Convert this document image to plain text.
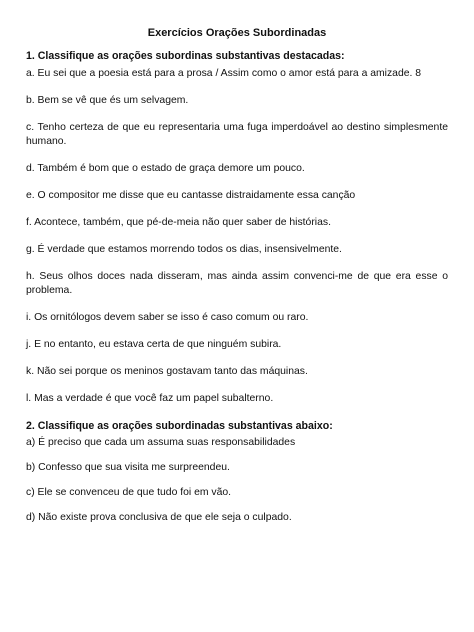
Exercícios Orações Subordinadas

1. Classifique as orações subordinas substantivas destacadas:

a. Eu sei que a poesia está para a prosa / Assim como o amor está para a amizade. 8

b. Bem se vê que és um selvagem.

c. Tenho certeza de que eu representaria uma fuga imperdoável ao destino simplesmente humano.

d. Também é bom que o estado de graça demore um pouco.

e. O compositor me disse que eu cantasse distraidamente essa canção

f. Acontece, também, que pé-de-meia não quer saber de histórias.

g. É verdade que estamos morrendo todos os dias, insensivelmente.

h. Seus olhos doces nada disseram, mas ainda assim convenci-me de que era esse o problema.

i. Os ornitólogos devem saber se isso é caso comum ou raro.

j. E no entanto, eu estava certa de que ninguém subira.

k. Não sei porque os meninos gostavam tanto das máquinas.

l. Mas a verdade é que você faz um papel subalterno.

2. Classifique as orações subordinadas substantivas abaixo:

a) É preciso que cada um assuma suas responsabilidades

b) Confesso que sua visita me surpreendeu.

c) Ele se convenceu de que tudo foi em vão.

d) Não existe prova conclusiva de que ele seja o culpado.
